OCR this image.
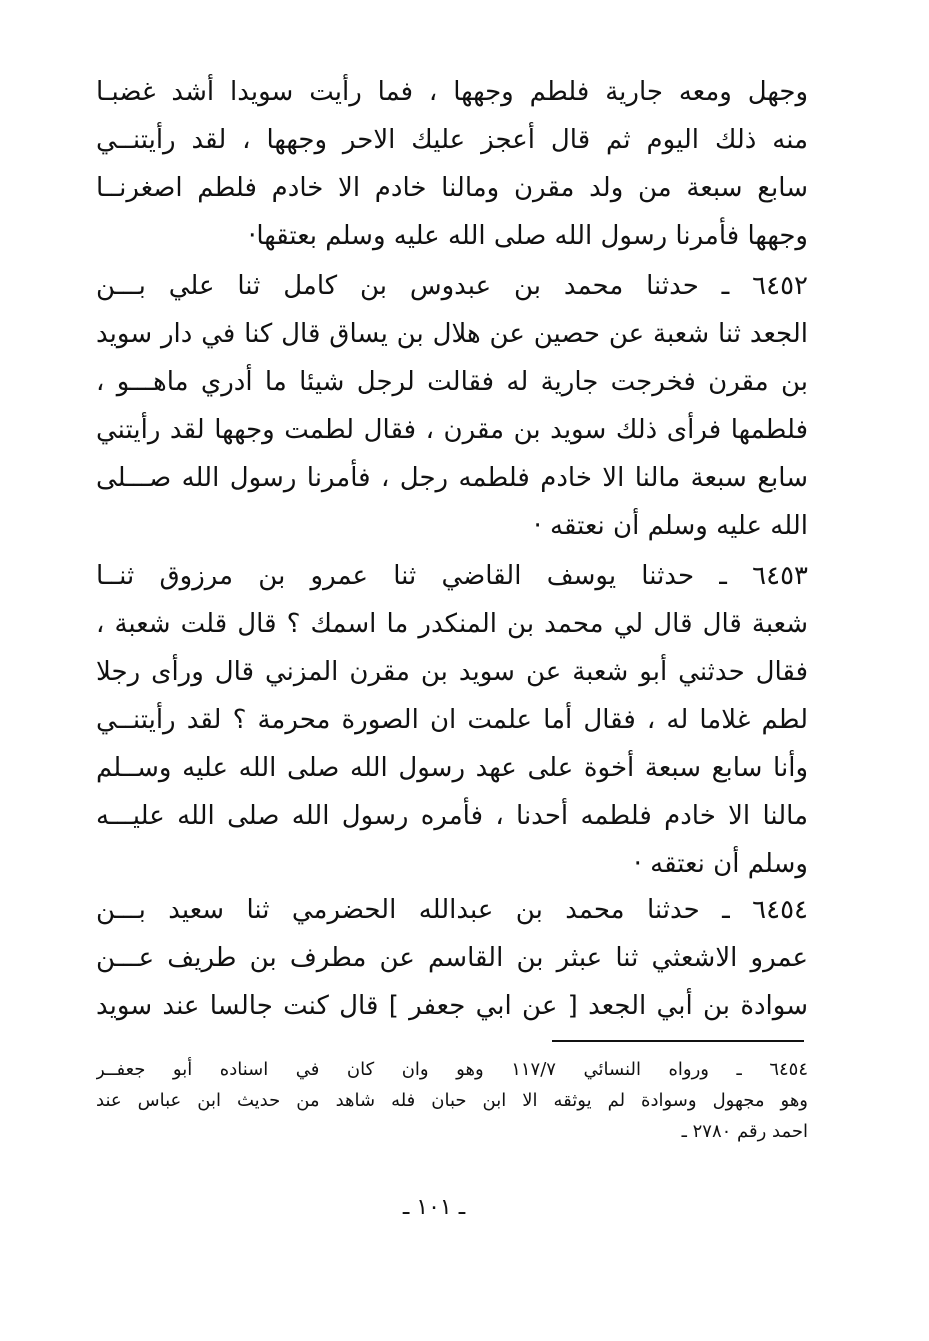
وجهل ومعه جارية فلطم وجهها ، فما رأيت سويدا أشد غضبـا
منه ذلك اليوم ثم قال أعجز عليك الاحر وجهها ، لقد رأيتنــي
سابع سبعة من ولد مقرن ومالنا خادم الا خادم فلطم اصغرنــا
وجهها فأمرنا رسول الله صلى الله عليه وسلم بعتقها·
٦٤٥٢ ـ حدثنا محمد بن عبدوس بن كامل ثنا علي بـــن
الجعد ثنا شعبة عن حصين عن هلال بن يساق قال كنا في دار سويد
بن مقرن فخرجت جارية له فقالت لرجل شيئا ما أدري ماهـــو ،
فلطمها فرأى ذلك سويد بن مقرن ، فقال لطمت وجهها لقد رأيتني
سابع سبعة مالنا الا خادم فلطمه رجل ، فأمرنا رسول الله صـــلى
الله عليه وسلم أن نعتقه ·
٦٤٥٣ ـ حدثنا يوسف القاضي ثنا عمرو بن مرزوق ثنــا
شعبة قال قال لي محمد بن المنكدر ما اسمك ؟ قال قلت شعبة ،
فقال حدثني أبو شعبة عن سويد بن مقرن المزني قال ورأى رجلا
لطم غلاما له ، فقال أما علمت ان الصورة محرمة ؟ لقد رأيتنــي
وأنا سابع سبعة أخوة على عهد رسول الله صلى الله عليه وســلم
مالنا الا خادم فلطمه أحدنا ، فأمره رسول الله صلى الله عليـــه
وسلم أن نعتقه ·
٦٤٥٤ ـ حدثنا محمد بن عبدالله الحضرمي ثنا سعيد بـــن
عمرو الاشعثي ثنا عبثر بن القاسم عن مطرف بن طريف عـــن
سوادة بن أبي الجعد [ عن ابي جعفر ] قال كنت جالسا عند سويد
٦٤٥٤ ـ ورواه النسائي ١١٧/٧ وهو وان كان في اسناده أبو جعفــر
وهو مجهول وسوادة لم يوثقه الا ابن حبان فله شاهد من حديث ابن عباس عند
احمد رقم ٢٧٨٠ ـ
ـ ١٠١ ـ
